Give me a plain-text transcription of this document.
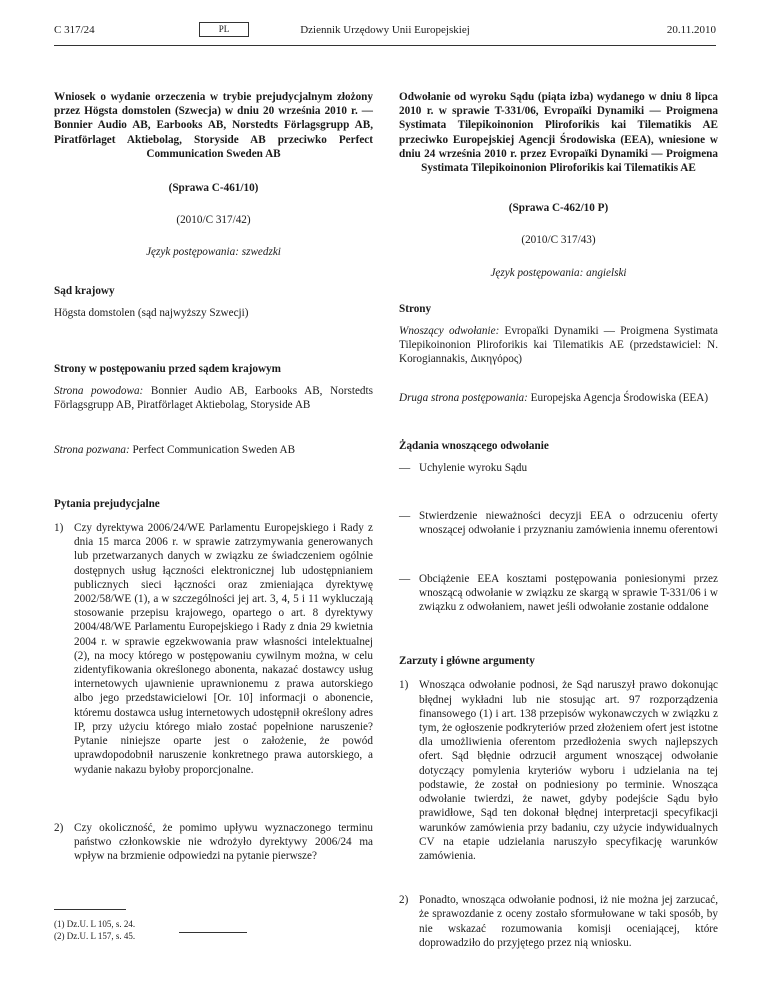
C 317/24	PL	Dziennik Urzędowy Unii Europejskiej	20.11.2010

Wniosek o wydanie orzeczenia w trybie prejudycjalnym złożony przez Högsta domstolen (Szwecja) w dniu 20 września 2010 r. — Bonnier Audio AB, Earbooks AB, Norstedts Förlagsgrupp AB, Piratförlaget Aktiebolag, Storyside AB przeciwko Perfect Communication Sweden AB

(Sprawa C-461/10)
(2010/C 317/42)
Język postępowania: szwedzki
Sąd krajowy

Högsta domstolen (sąd najwyższy Szwecji)

Strony w postępowaniu przed sądem krajowym

Strona powodowa: Bonnier Audio AB, Earbooks AB, Norstedts Förlagsgrupp AB, Piratförlaget Aktiebolag, Storyside AB

Strona pozwana: Perfect Communication Sweden AB

Pytania prejudycjalne
1) Czy dyrektywa 2006/24/WE Parlamentu Europejskiego i Rady z dnia 15 marca 2006 r. w sprawie zatrzymywania generowanych lub przetwarzanych danych w związku ze świadczeniem ogólnie dostępnych usług łączności elektronicznej lub udostępnianiem publicznych sieci łączności oraz zmieniająca dyrektywę 2002/58/WE (1), a w szczególności jej art. 3, 4, 5 i 11 wykluczają stosowanie przepisu krajowego, opartego o art. 8 dyrektywy 2004/48/WE Parlamentu Europejskiego i Rady z dnia 29 kwietnia 2004 r. w sprawie egzekwowania praw własności intelektualnej (2), na mocy którego w postępowaniu cywilnym można, w celu zidentyfikowania określonego abonenta, nakazać dostawcy usług internetowych ujawnienie uprawnionemu z prawa autorskiego albo jego przedstawicielowi [Or. 10] informacji o abonencie, któremu dostawca usług internetowych udostępnił określony adres IP, przy użyciu którego miało zostać popełnione naruszenie? Pytanie niniejsze oparte jest o założenie, że powód uprawdopodobnił naruszenie konkretnego prawa autorskiego, a wydanie nakazu byłoby proporcjonalne.
2) Czy okoliczność, że pomimo upływu wyznaczonego terminu państwo członkowskie nie wdrożyło dyrektywy 2006/24 ma wpływ na brzmienie odpowiedzi na pytanie pierwsze?
(1) Dz.U. L 105, s. 24.
(2) Dz.U. L 157, s. 45.

Odwołanie od wyroku Sądu (piąta izba) wydanego w dniu 8 lipca 2010 r. w sprawie T-331/06, Evropaïki Dynamiki — Proigmena Systimata Tilepikoinonion Pliroforikis kai Tilematikis AE przeciwko Europejskiej Agencji Środowiska (EEA), wniesione w dniu 24 września 2010 r. przez Evropaïki Dynamiki — Proigmena Systimata Tilepikoinonion Pliroforikis kai Tilematikis AE

(Sprawa C-462/10 P)
(2010/C 317/43)
Język postępowania: angielski
Strony

Wnoszący odwołanie: Evropaïki Dynamiki — Proigmena Systimata Tilepikoinonion Pliroforikis kai Tilematikis AE (przedstawiciel: N. Korogiannakis, Δικηγόρος)

Druga strona postępowania: Europejska Agencja Środowiska (EEA)

Żądania wnoszącego odwołanie
— Uchylenie wyroku Sądu
— Stwierdzenie nieważności decyzji EEA o odrzuceniu oferty wnoszącej odwołanie i przyznaniu zamówienia innemu oferentowi
— Obciążenie EEA kosztami postępowania poniesionymi przez wnoszącą odwołanie w związku ze skargą w sprawie T-331/06 i w związku z odwołaniem, nawet jeśli odwołanie zostanie oddalone
Zarzuty i główne argumenty
1) Wnosząca odwołanie podnosi, że Sąd naruszył prawo dokonując błędnej wykładni lub nie stosując art. 97 rozporządzenia finansowego (1) i art. 138 przepisów wykonawczych w związku z tym, że ogłoszenie podkryteriów przed złożeniem ofert jest istotne dla umożliwienia oferentom przedłożenia swych najlepszych ofert. Sąd błędnie odrzucił argument wnoszącej odwołanie dotyczący pomylenia kryteriów wyboru i udzielania na tej podstawie, że został on podniesiony po terminie. Wnosząca odwołanie twierdzi, że nawet, gdyby podejście Sądu było prawidłowe, Sąd ten dokonał błędnej interpretacji specyfikacji warunków zamówienia przy badaniu, czy użycie indywidualnych CV na etapie udzielania naruszyło specyfikację warunków zamówienia.
2) Ponadto, wnosząca odwołanie podnosi, iż nie można jej zarzucać, że sprawozdanie z oceny zostało sformułowane w taki sposób, by nie wskazać rozumowania komisji oceniającej, które doprowadziło do przyjętego przez nią wniosku.
